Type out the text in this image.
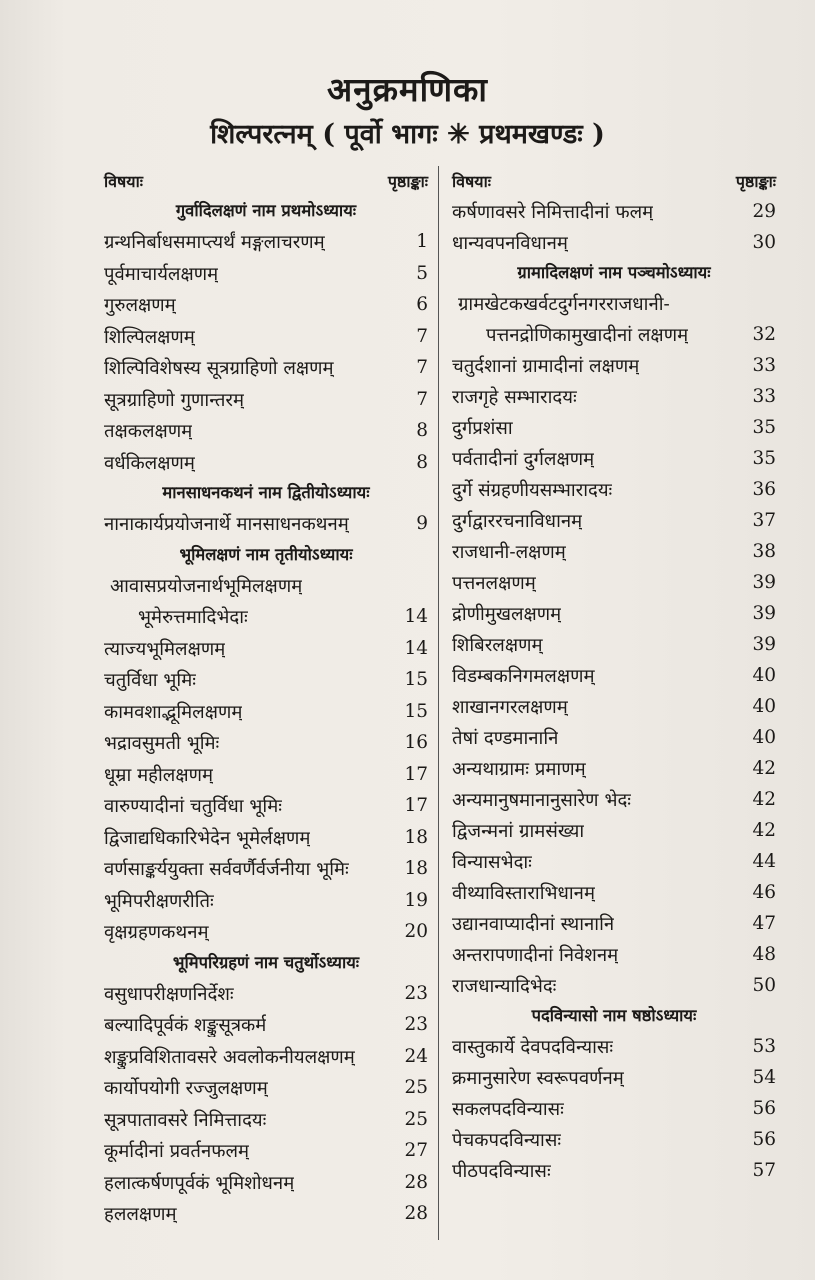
अनुक्रमणिका
शिल्परत्नम् ( पूर्वो भागः ✳ प्रथमखण्डः )
विषयाः	पृष्ठाङ्काः
गुर्वादिलक्षणं नाम प्रथमोऽध्यायः
ग्रन्थनिर्बाधसमाप्त्यर्थं मङ्गलाचरणम्	1
पूर्वमाचार्यलक्षणम्	5
गुरुलक्षणम्	6
शिल्पिलक्षणम्	7
शिल्पिविशेषस्य सूत्रग्राहिणो लक्षणम्	7
सूत्रग्राहिणो गुणान्तरम्	7
तक्षकलक्षणम्	8
वर्धकिलक्षणम्	8
मानसाधनकथनं नाम द्वितीयोऽध्यायः
नानाकार्यप्रयोजनार्थे मानसाधनकथनम्	9
भूमिलक्षणं नाम तृतीयोऽध्यायः
आवासप्रयोजनार्थभूमिलक्षणम्
भूमेरुत्तमादिभेदाः	14
त्याज्यभूमिलक्षणम्	14
चतुर्विधा भूमिः	15
कामवशाद्भूमिलक्षणम्	15
भद्रावसुमती भूमिः	16
धूम्रा महीलक्षणम्	17
वारुण्यादीनां चतुर्विधा भूमिः	17
द्विजाद्यधिकारिभेदेन भूमेर्लक्षणम्	18
वर्णसाङ्कर्ययुक्ता सर्ववर्णैर्वर्जनीया भूमिः	18
भूमिपरीक्षणरीतिः	19
वृक्षग्रहणकथनम्	20
भूमिपरिग्रहणं नाम चतुर्थोऽध्यायः
वसुधापरीक्षणनिर्देशः	23
बल्यादिपूर्वकं शङ्कुसूत्रकर्म	23
शङ्कुप्रविशितावसरे अवलोकनीयलक्षणम्	24
कार्योपयोगी रज्जुलक्षणम्	25
सूत्रपातावसरे निमित्तादयः	25
कूर्मादीनां प्रवर्तनफलम्	27
हलात्कर्षणपूर्वकं भूमिशोधनम्	28
हललक्षणम्	28
विषयाः	पृष्ठाङ्काः
कर्षणावसरे निमित्तादीनां फलम्	29
धान्यवपनविधानम्	30
ग्रामादिलक्षणं नाम पञ्चमोऽध्यायः
ग्रामखेटकखर्वटदुर्गनगरराजधानी-
पत्तनद्रोणिकामुखादीनां लक्षणम्	32
चतुर्दशानां ग्रामादीनां लक्षणम्	33
राजगृहे सम्भारादयः	33
दुर्गप्रशंसा	35
पर्वतादीनां दुर्गलक्षणम्	35
दुर्गे संग्रहणीयसम्भारादयः	36
दुर्गद्वाररचनाविधानम्	37
राजधानी-लक्षणम्	38
पत्तनलक्षणम्	39
द्रोणीमुखलक्षणम्	39
शिबिरलक्षणम्	39
विडम्बकनिगमलक्षणम्	40
शाखानगरलक्षणम्	40
तेषां दण्डमानानि	40
अन्यथाग्रामः प्रमाणम्	42
अन्यमानुषमानानुसारेण भेदः	42
द्विजन्मनां ग्रामसंख्या	42
विन्यासभेदाः	44
वीथ्याविस्ताराभिधानम्	46
उद्यानवाप्यादीनां स्थानानि	47
अन्तरापणादीनां निवेशनम्	48
राजधान्यादिभेदः	50
पदविन्यासो नाम षष्ठोऽध्यायः
वास्तुकार्ये देवपदविन्यासः	53
क्रमानुसारेण स्वरूपवर्णनम्	54
सकलपदविन्यासः	56
पेचकपदविन्यासः	56
पीठपदविन्यासः	57
